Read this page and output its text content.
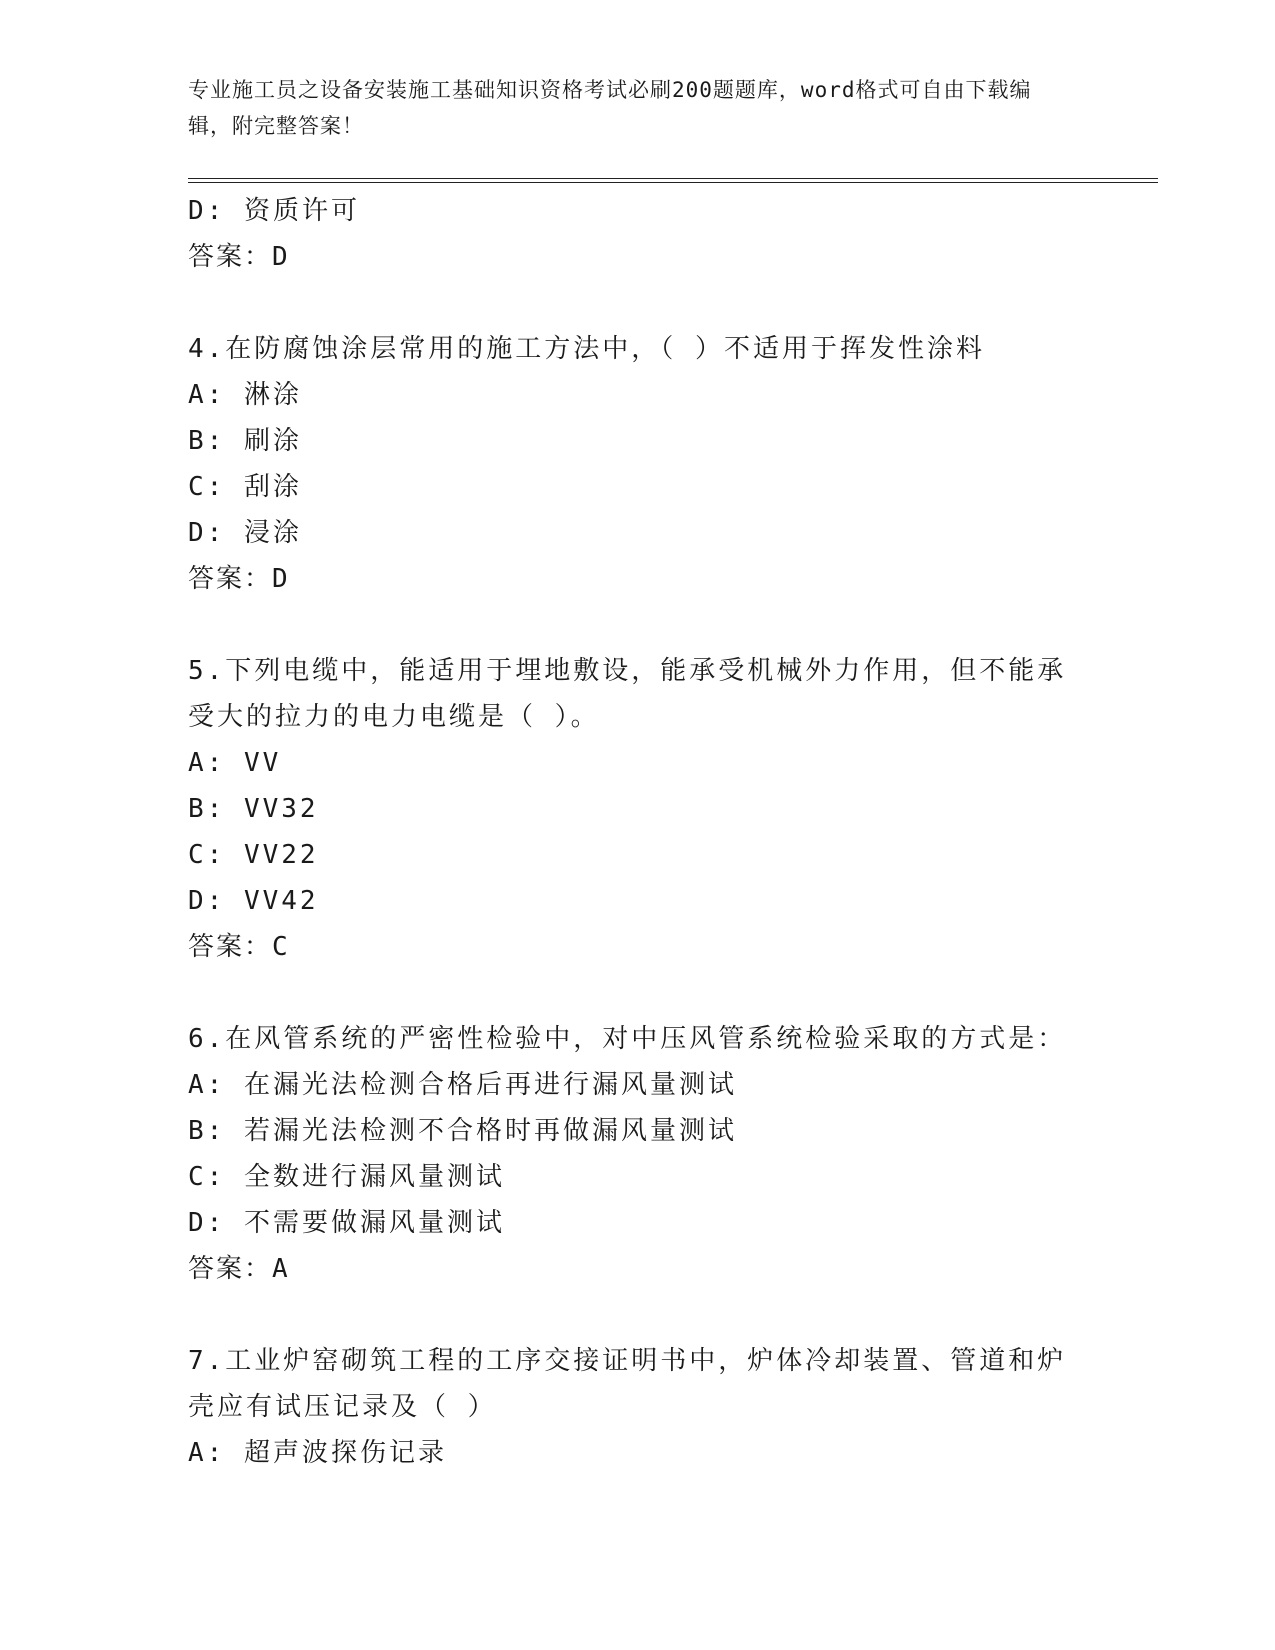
专业施工员之设备安装施工基础知识资格考试必刷200题题库，word格式可自由下载编辑，附完整答案！
D: 资质许可
答案：D
4.在防腐蚀涂层常用的施工方法中，（ ）不适用于挥发性涂料
A: 淋涂
B: 刷涂
C: 刮涂
D: 浸涂
答案：D
5.下列电缆中，能适用于埋地敷设，能承受机械外力作用，但不能承受大的拉力的电力电缆是（ ）。
A: VV
B: VV32
C: VV22
D: VV42
答案：C
6.在风管系统的严密性检验中，对中压风管系统检验采取的方式是：
A: 在漏光法检测合格后再进行漏风量测试
B: 若漏光法检测不合格时再做漏风量测试
C: 全数进行漏风量测试
D: 不需要做漏风量测试
答案：A
7.工业炉窑砌筑工程的工序交接证明书中，炉体冷却装置、管道和炉壳应有试压记录及（ ）
A: 超声波探伤记录
